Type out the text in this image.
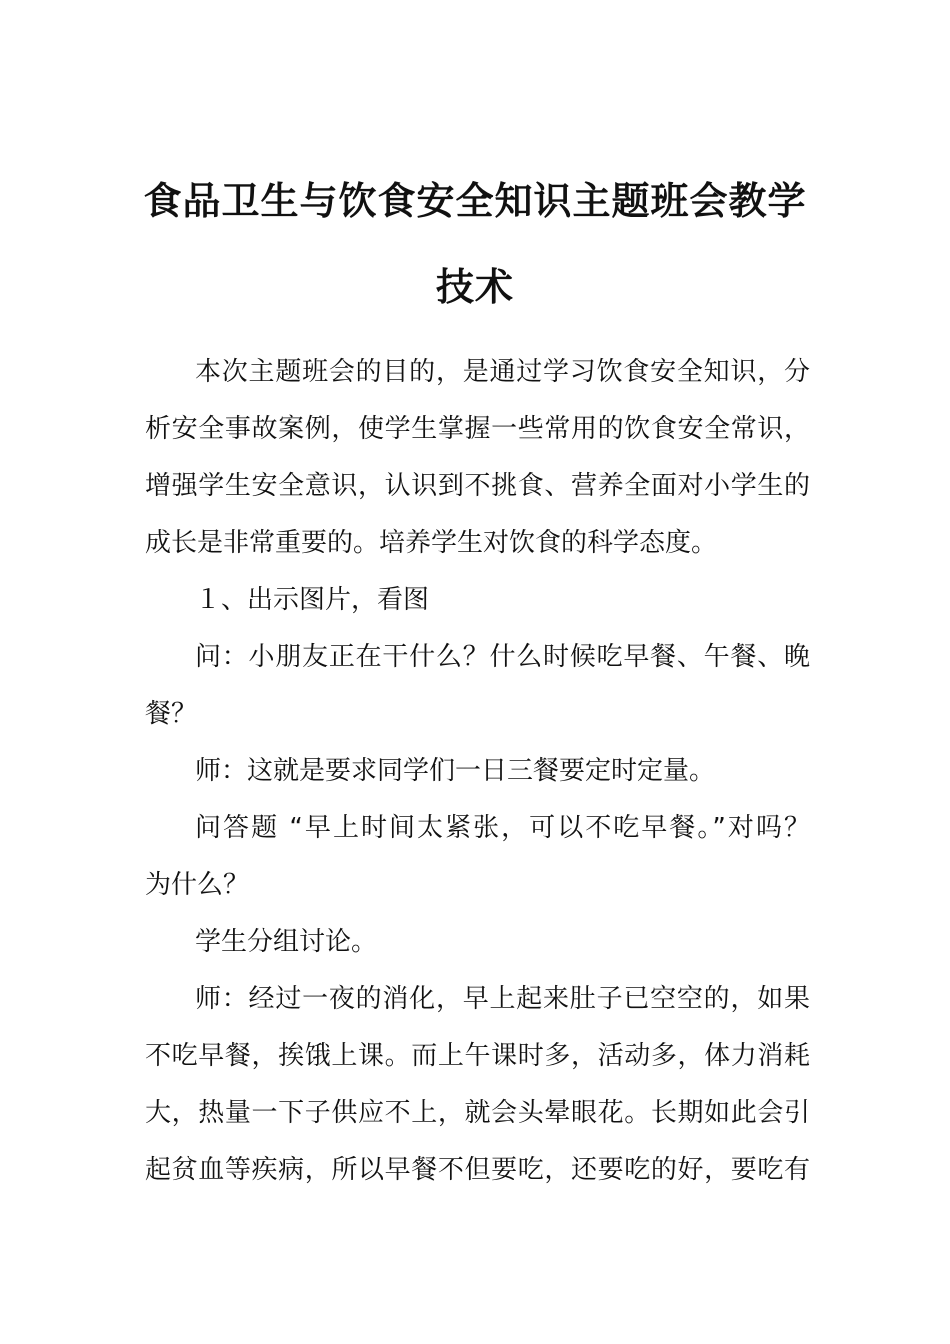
食品卫生与饮食安全知识主题班会教学
技术
本次主题班会的目的，是通过学习饮食安全知识，分
析安全事故案例，使学生掌握一些常用的饮食安全常识，
增强学生安全意识，认识到不挑食、营养全面对小学生的
成长是非常重要的。培养学生对饮食的科学态度。
１、出示图片，看图
问：小朋友正在干什么？什么时候吃早餐、午餐、晚
餐？
师：这就是要求同学们一日三餐要定时定量。
问答题 “早上时间太紧张，可以不吃早餐。”对吗？
为什么？
学生分组讨论。
师：经过一夜的消化，早上起来肚子已空空的，如果
不吃早餐，挨饿上课。而上午课时多，活动多，体力消耗
大，热量一下子供应不上，就会头晕眼花。长期如此会引
起贫血等疾病，所以早餐不但要吃，还要吃的好，要吃有
